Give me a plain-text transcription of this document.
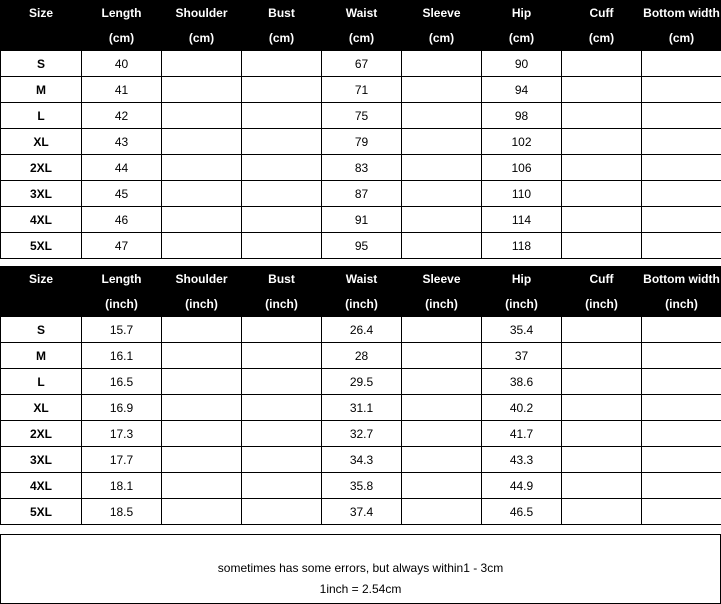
Size	Length	Shoulder	Bust	Waist	Sleeve	Hip	Cuff	Bottom width
	(cm)	(cm)	(cm)	(cm)	(cm)	(cm)	(cm)	(cm)
S	40			67		90		
M	41			71		94		
L	42			75		98		
XL	43			79		102		
2XL	44			83		106		
3XL	45			87		110		
4XL	46			91		114		
5XL	47			95		118		
Size	Length	Shoulder	Bust	Waist	Sleeve	Hip	Cuff	Bottom width
	(inch)	(inch)	(inch)	(inch)	(inch)	(inch)	(inch)	(inch)
S	15.7			26.4		35.4		
M	16.1			28		37		
L	16.5			29.5		38.6		
XL	16.9			31.1		40.2		
2XL	17.3			32.7		41.7		
3XL	17.7			34.3		43.3		
4XL	18.1			35.8		44.9		
5XL	18.5			37.4		46.5		
sometimes has some errors, but always within1 - 3cm
1inch = 2.54cm
